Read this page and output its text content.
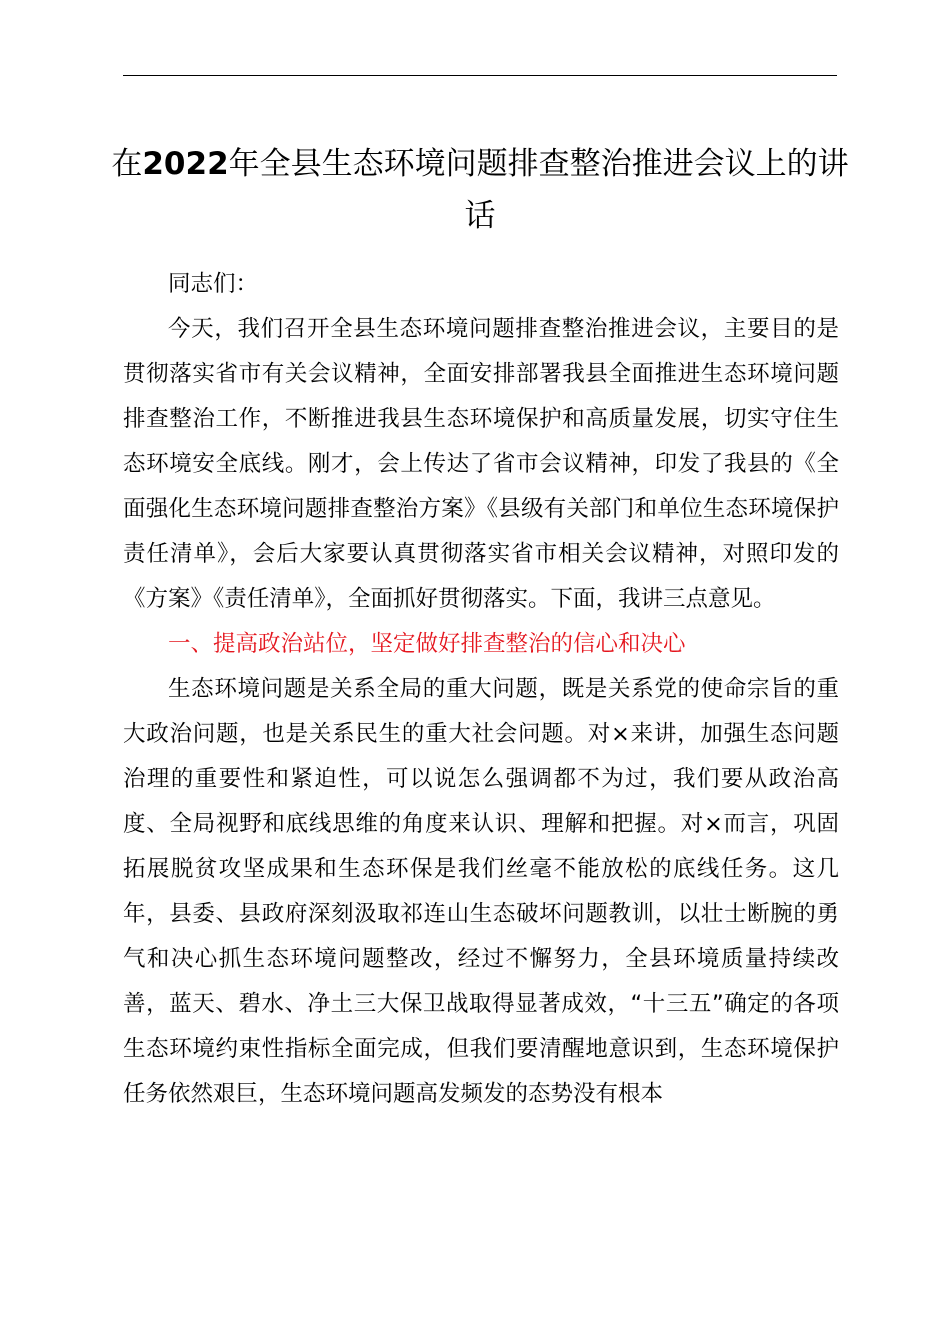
在2022年全县生态环境问题排查整治推进会议上的讲话

同志们：

今天，我们召开全县生态环境问题排查整治推进会议，主要目的是贯彻落实省市有关会议精神，全面安排部署我县全面推进生态环境问题排查整治工作，不断推进我县生态环境保护和高质量发展，切实守住生态环境安全底线。刚才，会上传达了省市会议精神，印发了我县的《全面强化生态环境问题排查整治方案》《县级有关部门和单位生态环境保护责任清单》，会后大家要认真贯彻落实省市相关会议精神，对照印发的《方案》《责任清单》，全面抓好贯彻落实。下面，我讲三点意见。

一、提高政治站位，坚定做好排查整治的信心和决心

生态环境问题是关系全局的重大问题，既是关系党的使命宗旨的重大政治问题，也是关系民生的重大社会问题。对×来讲，加强生态问题治理的重要性和紧迫性，可以说怎么强调都不为过，我们要从政治高度、全局视野和底线思维的角度来认识、理解和把握。对×而言，巩固拓展脱贫攻坚成果和生态环保是我们丝毫不能放松的底线任务。这几年，县委、县政府深刻汲取祁连山生态破坏问题教训，以壮士断腕的勇气和决心抓生态环境问题整改，经过不懈努力，全县环境质量持续改善，蓝天、碧水、净土三大保卫战取得显著成效，“十三五”确定的各项生态环境约束性指标全面完成，但我们要清醒地意识到，生态环境保护任务依然艰巨，生态环境问题高发频发的态势没有根本
